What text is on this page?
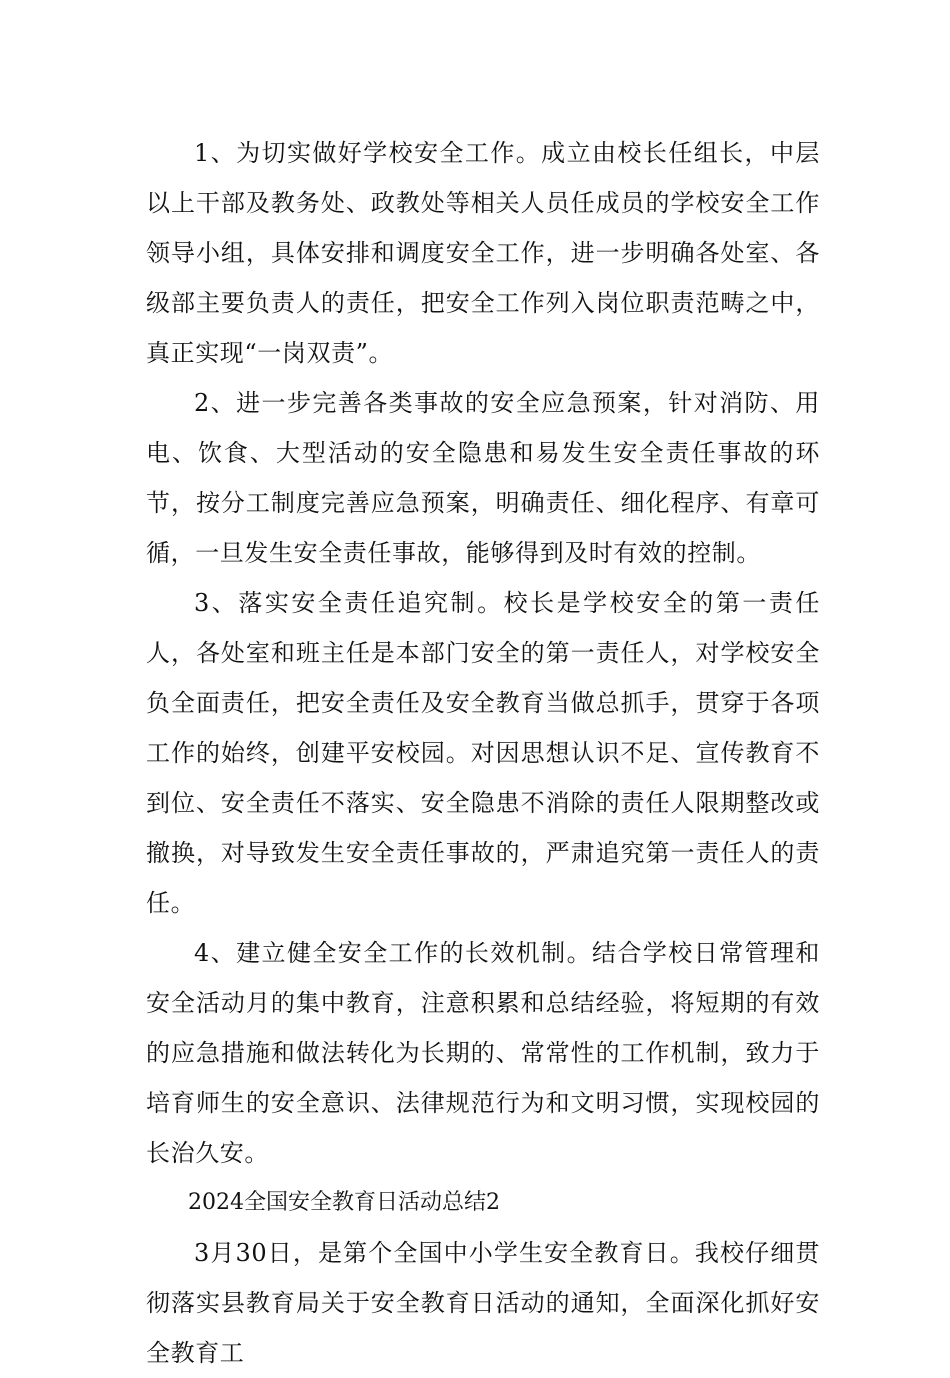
1、为切实做好学校安全工作。成立由校长任组长，中层以上干部及教务处、政教处等相关人员任成员的学校安全工作领导小组，具体安排和调度安全工作，进一步明确各处室、各级部主要负责人的责任，把安全工作列入岗位职责范畴之中，真正实现“一岗双责”。

2、进一步完善各类事故的安全应急预案，针对消防、用电、饮食、大型活动的安全隐患和易发生安全责任事故的环节，按分工制度完善应急预案，明确责任、细化程序、有章可循，一旦发生安全责任事故，能够得到及时有效的控制。

3、落实安全责任追究制。校长是学校安全的第一责任人，各处室和班主任是本部门安全的第一责任人，对学校安全负全面责任，把安全责任及安全教育当做总抓手，贯穿于各项工作的始终，创建平安校园。对因思想认识不足、宣传教育不到位、安全责任不落实、安全隐患不消除的责任人限期整改或撤换，对导致发生安全责任事故的，严肃追究第一责任人的责任。

4、建立健全安全工作的长效机制。结合学校日常管理和安全活动月的集中教育，注意积累和总结经验，将短期的有效的应急措施和做法转化为长期的、常常性的工作机制，致力于培育师生的安全意识、法律规范行为和文明习惯，实现校园的长治久安。

2024全国安全教育日活动总结2

3月30日，是第个全国中小学生安全教育日。我校仔细贯彻落实县教育局关于安全教育日活动的通知，全面深化抓好安全教育工
